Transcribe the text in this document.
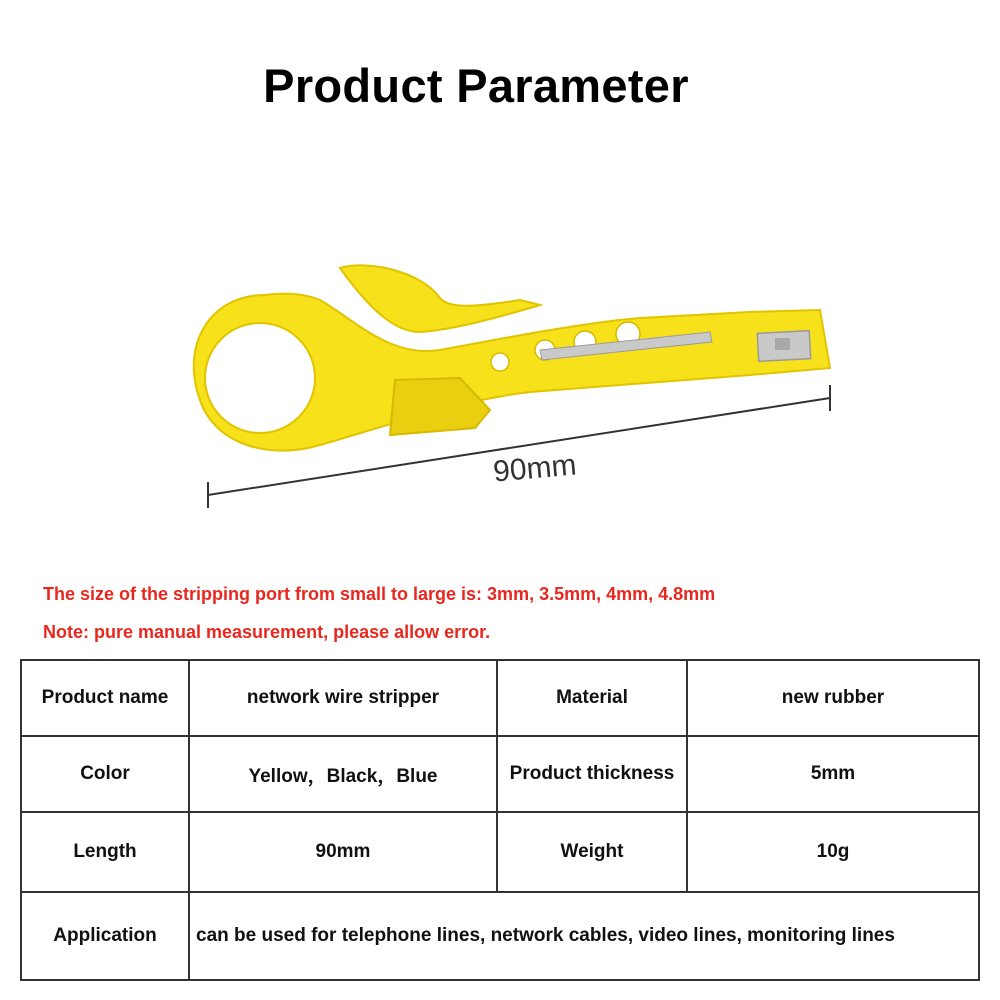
Product Parameter
90mm
The size of the stripping port from small to large is: 3mm, 3.5mm, 4mm, 4.8mm
Note: pure manual measurement, please allow error.
Product name	network wire stripper	Material	new rubber
Color	Yellow，Black，Blue	Product thickness	5mm
Length	90mm	Weight	10g
Application	can be used for telephone lines, network cables, video lines, monitoring lines		
